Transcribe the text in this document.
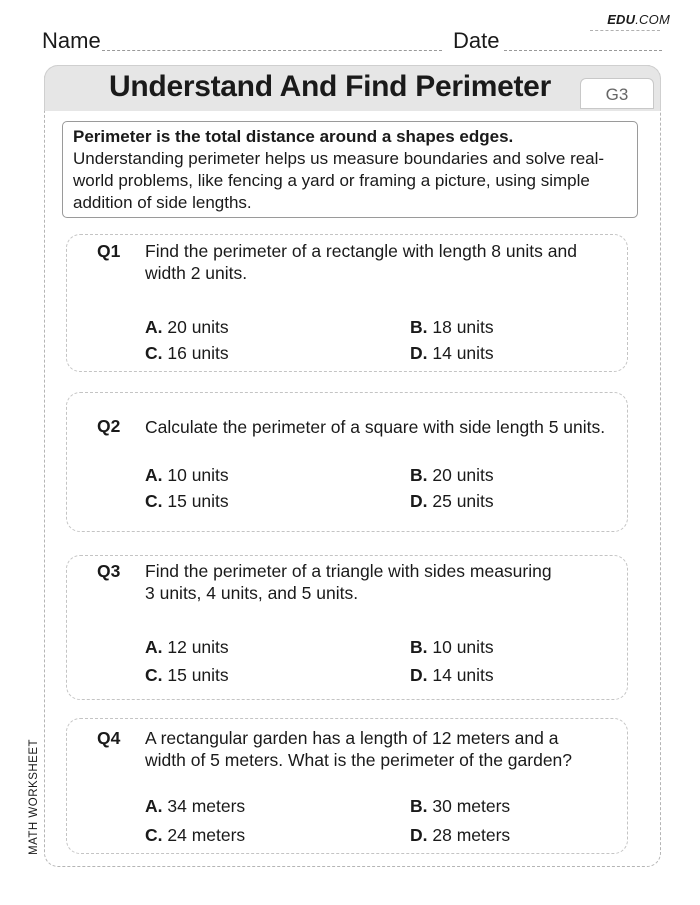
EDU.COM
Name	Date
Understand And Find Perimeter	G3
Perimeter is the total distance around a shapes edges.
Understanding perimeter helps us measure boundaries and solve real-world problems, like fencing a yard or framing a picture, using simple addition of side lengths.
Q1 Find the perimeter of a rectangle with length 8 units and
width 2 units.
A. 20 units	B. 18 units
C. 16 units	D. 14 units
Q2 Calculate the perimeter of a square with side length 5 units.
A. 10 units	B. 20 units
C. 15 units	D. 25 units
Q3 Find the perimeter of a triangle with sides measuring
3 units, 4 units, and 5 units.
A. 12 units	B. 10 units
C. 15 units	D. 14 units
Q4 A rectangular garden has a length of 12 meters and a
width of 5 meters. What is the perimeter of the garden?
A. 34 meters	B. 30 meters
C. 24 meters	D. 28 meters
MATH WORKSHEET
